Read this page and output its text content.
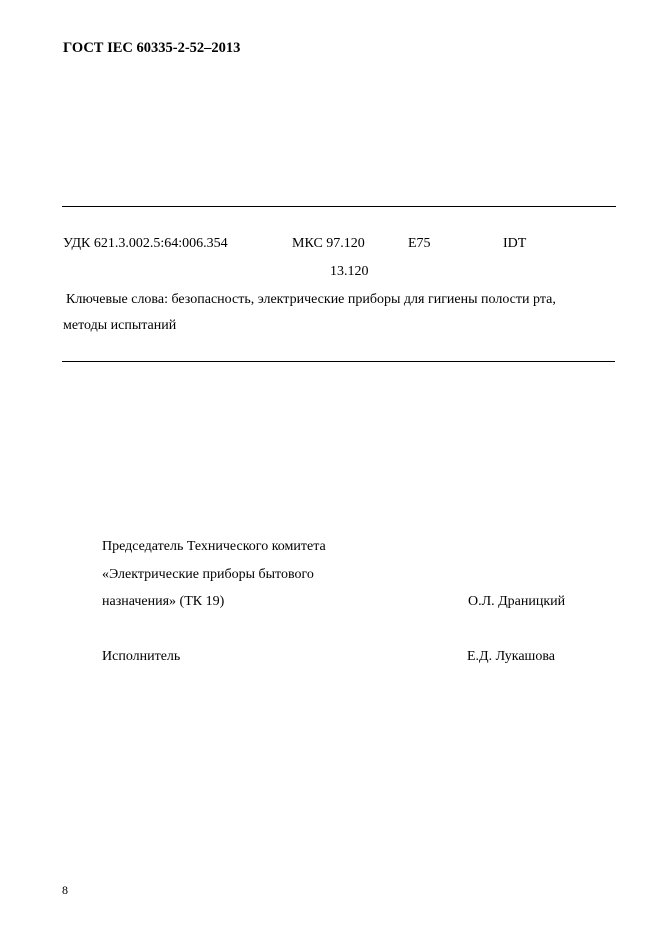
ГОСТ IEC 60335-2-52–2013
УДК 621.3.002.5:64:006.354	МКС 97.120	Е75	IDT
13.120
Ключевые слова: безопасность, электрические приборы для гигиены полости рта,
методы испытаний
Председатель Технического комитета
«Электрические приборы бытового
назначения» (ТК 19)	О.Л. Драницкий
Исполнитель	Е.Д. Лукашова
8
